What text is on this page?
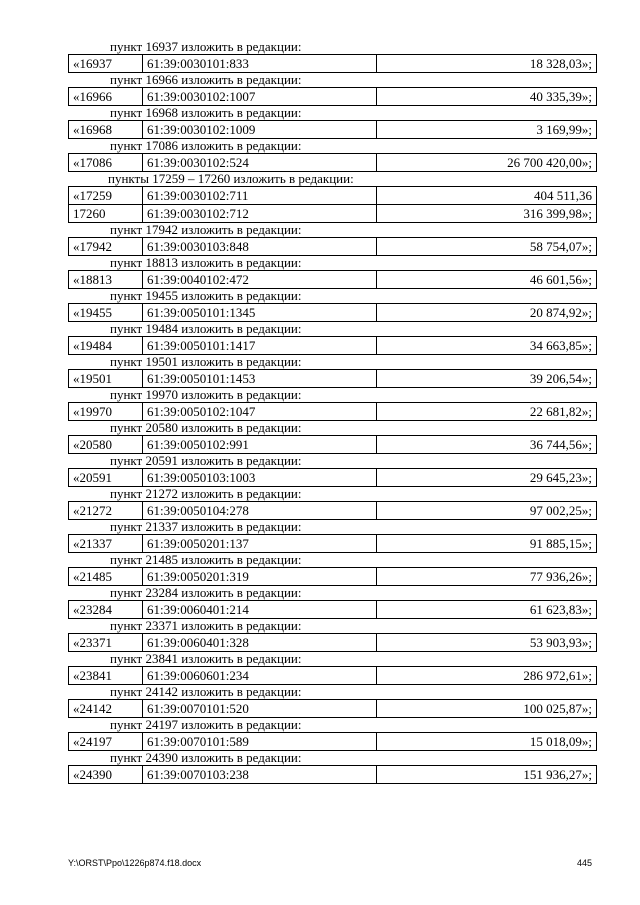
пункт 16937 изложить в редакции:
«16937	61:39:0030101:833	18 328,03»;
пункт 16966 изложить в редакции:
«16966	61:39:0030102:1007	40 335,39»;
пункт 16968 изложить в редакции:
«16968	61:39:0030102:1009	3 169,99»;
пункт 17086 изложить в редакции:
«17086	61:39:0030102:524	26 700 420,00»;
пункты 17259 – 17260 изложить в редакции:
«17259	61:39:0030102:711	404 511,36
17260	61:39:0030102:712	316 399,98»;
пункт 17942 изложить в редакции:
«17942	61:39:0030103:848	58 754,07»;
пункт 18813 изложить в редакции:
«18813	61:39:0040102:472	46 601,56»;
пункт 19455 изложить в редакции:
«19455	61:39:0050101:1345	20 874,92»;
пункт 19484 изложить в редакции:
«19484	61:39:0050101:1417	34 663,85»;
пункт 19501 изложить в редакции:
«19501	61:39:0050101:1453	39 206,54»;
пункт 19970 изложить в редакции:
«19970	61:39:0050102:1047	22 681,82»;
пункт 20580 изложить в редакции:
«20580	61:39:0050102:991	36 744,56»;
пункт 20591 изложить в редакции:
«20591	61:39:0050103:1003	29 645,23»;
пункт 21272 изложить в редакции:
«21272	61:39:0050104:278	97 002,25»;
пункт 21337 изложить в редакции:
«21337	61:39:0050201:137	91 885,15»;
пункт 21485 изложить в редакции:
«21485	61:39:0050201:319	77 936,26»;
пункт 23284 изложить в редакции:
«23284	61:39:0060401:214	61 623,83»;
пункт 23371 изложить в редакции:
«23371	61:39:0060401:328	53 903,93»;
пункт 23841 изложить в редакции:
«23841	61:39:0060601:234	286 972,61»;
пункт 24142 изложить в редакции:
«24142	61:39:0070101:520	100 025,87»;
пункт 24197 изложить в редакции:
«24197	61:39:0070101:589	15 018,09»;
пункт 24390 изложить в редакции:
«24390	61:39:0070103:238	151 936,27»;
Y:\ORST\Ppo\1226p874.f18.docx	445
